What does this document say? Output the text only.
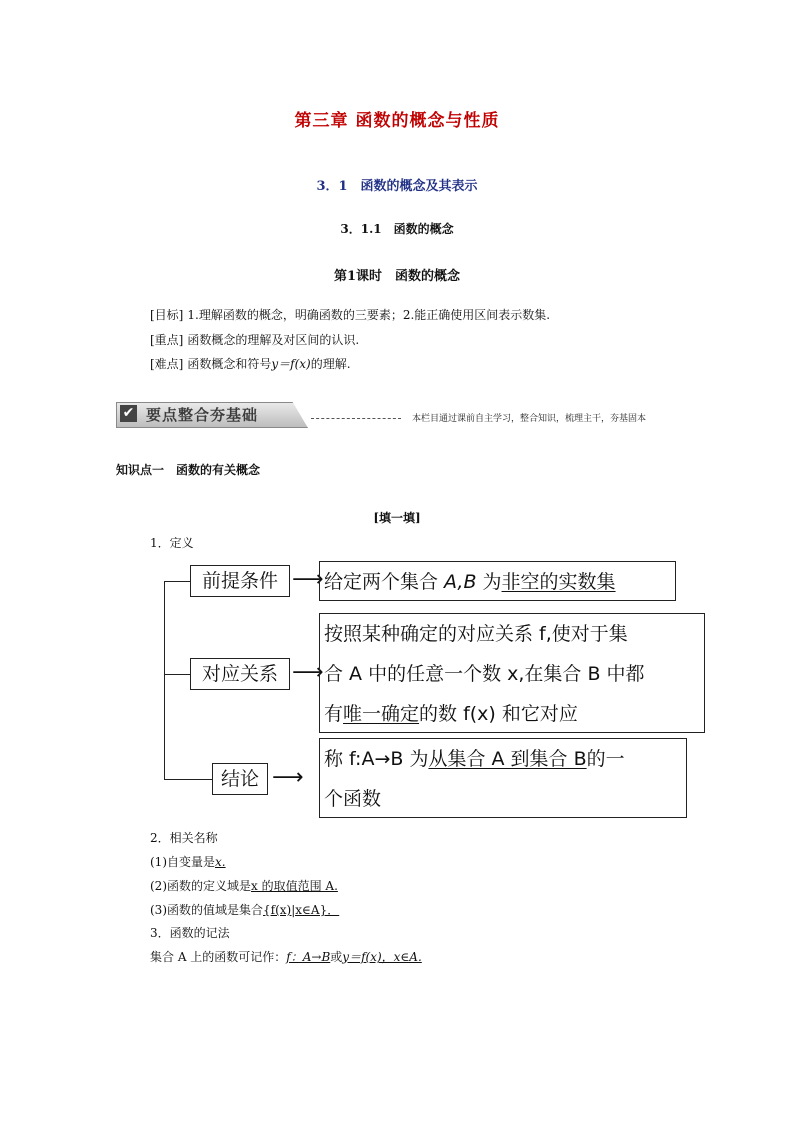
第三章 函数的概念与性质
3．1　函数的概念及其表示
3．1.1　函数的概念
第1课时　函数的概念
[目标] 1.理解函数的概念，明确函数的三要素；2.能正确使用区间表示数集.
[重点] 函数概念的理解及对区间的认识.
[难点] 函数概念和符号y＝f(x)的理解.
✔ 要点整合夯基础	本栏目通过课前自主学习，整合知识，梳理主干，夯基固本
知识点一　函数的有关概念
[填一填]
1．定义
前提条件 ⟶ 给定两个集合 A,B 为非空的实数集
对应关系 ⟶
按照某种确定的对应关系 f,使对于集
合 A 中的任意一个数 x,在集合 B 中都
有唯一确定的数 f(x) 和它对应
结论 ⟶
称 f:A→B 为从集合 A 到集合 B的一
个函数
2．相关名称
(1)自变量是x.
(2)函数的定义域是x 的取值范围 A.
(3)函数的值域是集合{f(x)|x∈A}．
3．函数的记法
集合 A 上的函数可记作：f：A→B或y＝f(x)，x∈A.
